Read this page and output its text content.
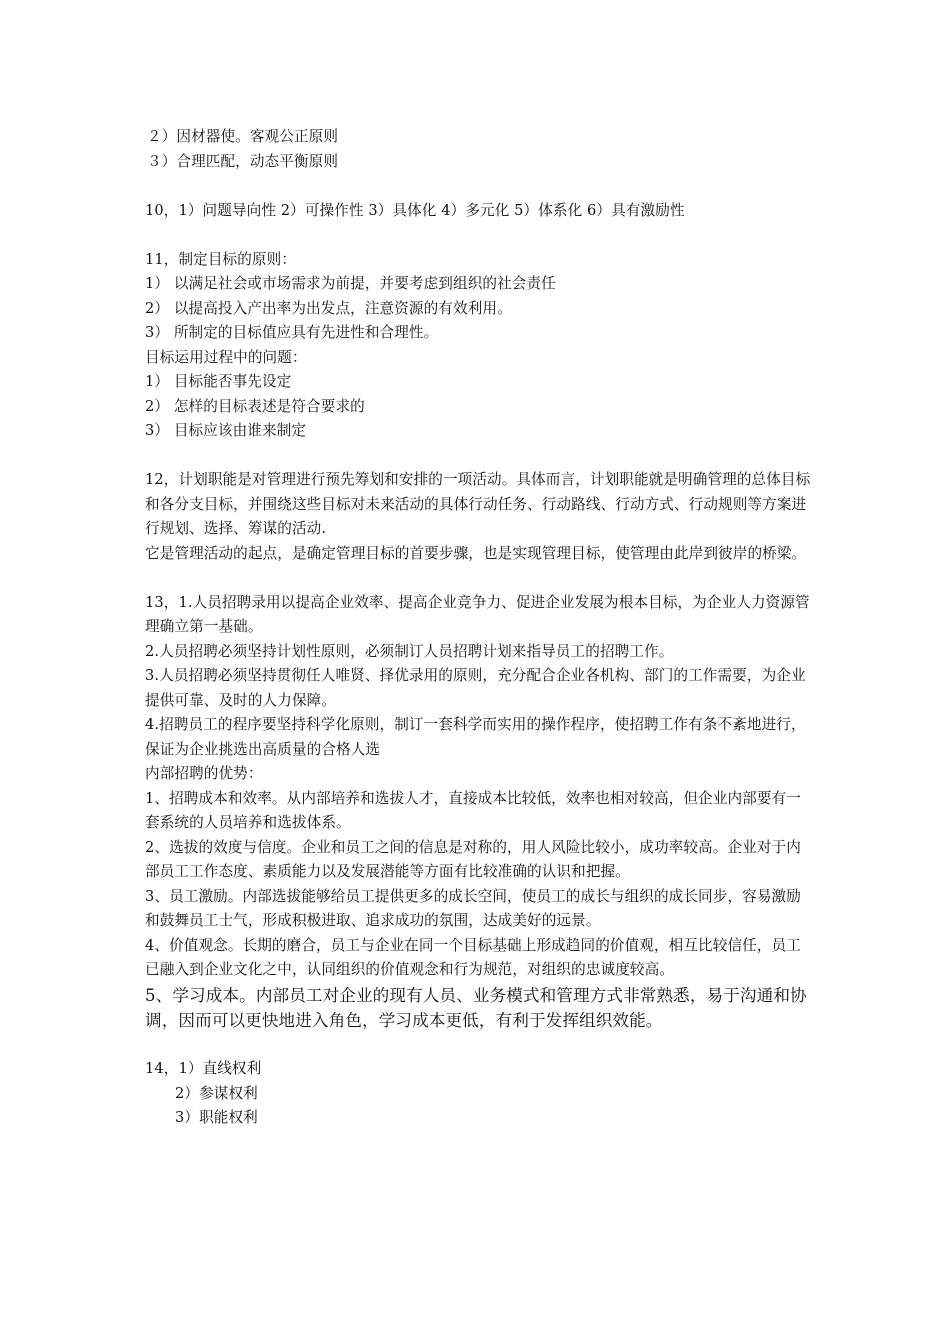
２）因材器使。客观公正原则
３）合理匹配，动态平衡原则
10，1）问题导向性 2）可操作性 3）具体化 4）多元化 5）体系化 6）具有激励性
11，制定目标的原则：
1） 以满足社会或市场需求为前提，并要考虑到组织的社会责任
2） 以提高投入产出率为出发点，注意资源的有效利用。
3） 所制定的目标值应具有先进性和合理性。
目标运用过程中的问题：
1） 目标能否事先设定
2） 怎样的目标表述是符合要求的
3） 目标应该由谁来制定
12，计划职能是对管理进行预先筹划和安排的一项活动。具体而言，计划职能就是明确管理的总体目标和各分支目标，并围绕这些目标对未来活动的具体行动任务、行动路线、行动方式、行动规则等方案进行规划、选择、筹谋的活动.
它是管理活动的起点，是确定管理目标的首要步骤，也是实现管理目标，使管理由此岸到彼岸的桥梁。
13，1.人员招聘录用以提高企业效率、提高企业竞争力、促进企业发展为根本目标，为企业人力资源管理确立第一基础。
2.人员招聘必须坚持计划性原则，必须制订人员招聘计划来指导员工的招聘工作。
3.人员招聘必须坚持贯彻任人唯贤、择优录用的原则，充分配合企业各机构、部门的工作需要，为企业提供可靠、及时的人力保障。
4.招聘员工的程序要坚持科学化原则，制订一套科学而实用的操作程序，使招聘工作有条不紊地进行，保证为企业挑选出高质量的合格人选
内部招聘的优势：
1、招聘成本和效率。从内部培养和选拔人才，直接成本比较低，效率也相对较高，但企业内部要有一套系统的人员培养和选拔体系。
2、选拔的效度与信度。企业和员工之间的信息是对称的，用人风险比较小，成功率较高。企业对于内部员工工作态度、素质能力以及发展潜能等方面有比较准确的认识和把握。
3、员工激励。内部选拔能够给员工提供更多的成长空间，使员工的成长与组织的成长同步，容易激励和鼓舞员工士气，形成积极进取、追求成功的氛围，达成美好的远景。
4、价值观念。长期的磨合，员工与企业在同一个目标基础上形成趋同的价值观，相互比较信任，员工已融入到企业文化之中，认同组织的价值观念和行为规范，对组织的忠诚度较高。
5、学习成本。内部员工对企业的现有人员、业务模式和管理方式非常熟悉，易于沟通和协调，因而可以更快地进入角色，学习成本更低，有利于发挥组织效能。
14，1）直线权利
2）参谋权利
3）职能权利
